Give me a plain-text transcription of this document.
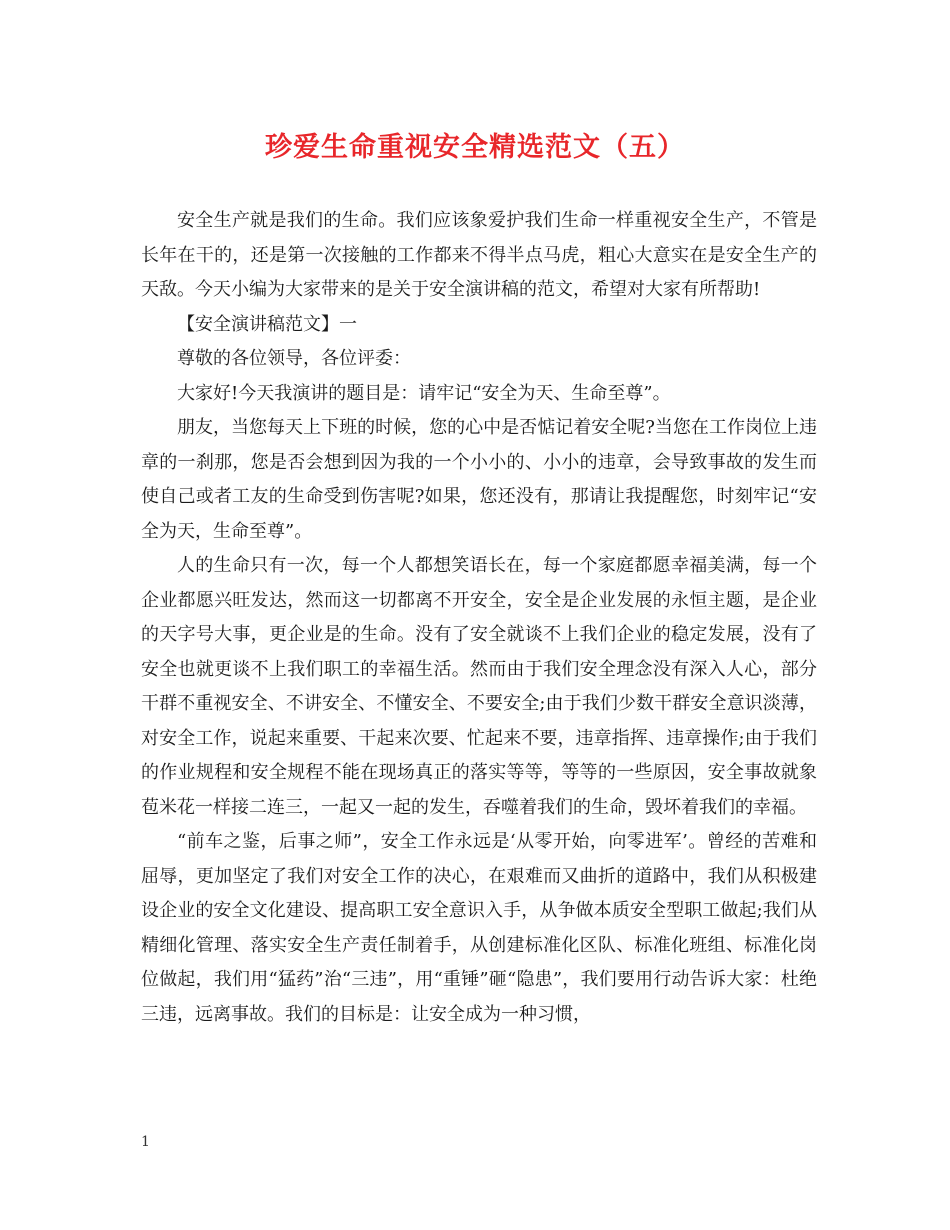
珍爱生命重视安全精选范文（五）

安全生产就是我们的生命。我们应该象爱护我们生命一样重视安全生产，不管是长年在干的，还是第一次接触的工作都来不得半点马虎，粗心大意实在是安全生产的天敌。今天小编为大家带来的是关于安全演讲稿的范文，希望对大家有所帮助!

【安全演讲稿范文】一

尊敬的各位领导，各位评委：

大家好!今天我演讲的题目是：请牢记“安全为天、生命至尊”。

朋友，当您每天上下班的时候，您的心中是否惦记着安全呢?当您在工作岗位上违章的一刹那，您是否会想到因为我的一个小小的、小小的违章，会导致事故的发生而使自己或者工友的生命受到伤害呢?如果，您还没有，那请让我提醒您，时刻牢记“安全为天，生命至尊”。

人的生命只有一次，每一个人都想笑语长在，每一个家庭都愿幸福美满，每一个企业都愿兴旺发达，然而这一切都离不开安全，安全是企业发展的永恒主题，是企业的天字号大事，更企业是的生命。没有了安全就谈不上我们企业的稳定发展，没有了安全也就更谈不上我们职工的幸福生活。然而由于我们安全理念没有深入人心，部分干群不重视安全、不讲安全、不懂安全、不要安全;由于我们少数干群安全意识淡薄，对安全工作，说起来重要、干起来次要、忙起来不要，违章指挥、违章操作;由于我们的作业规程和安全规程不能在现场真正的落实等等，等等的一些原因，安全事故就象苞米花一样接二连三，一起又一起的发生，吞噬着我们的生命，毁坏着我们的幸福。

“前车之鉴，后事之师”，安全工作永远是‘从零开始，向零进军’。曾经的苦难和屈辱，更加坚定了我们对安全工作的决心，在艰难而又曲折的道路中，我们从积极建设企业的安全文化建设、提高职工安全意识入手，从争做本质安全型职工做起;我们从精细化管理、落实安全生产责任制着手，从创建标准化区队、标准化班组、标准化岗位做起，我们用“猛药”治“三违”，用“重锤”砸“隐患”，我们要用行动告诉大家：杜绝三违，远离事故。我们的目标是：让安全成为一种习惯，

1
